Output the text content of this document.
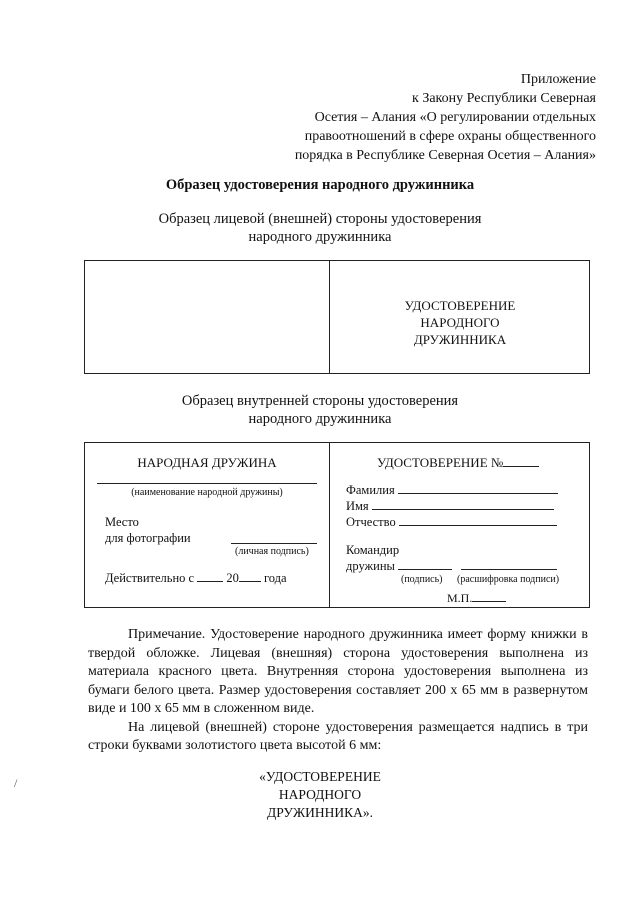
Приложение
к Закону Республики Северная
Осетия – Алания «О регулировании отдельных
правоотношений в сфере охраны общественного
порядка в Республике Северная Осетия – Алания»
Образец удостоверения народного дружинника
Образец лицевой (внешней) стороны удостоверения
народного дружинника
УДОСТОВЕРЕНИЕ
НАРОДНОГО
ДРУЖИННИКА
Образец внутренней стороны удостоверения
народного дружинника
НАРОДНАЯ ДРУЖИНА
(наименование народной дружины)
Место
для фотографии
(личная подпись)
Действительно с	20 года
УДОСТОВЕРЕНИЕ №
Фамилия
Имя
Отчество
Командир
дружины
(подпись) (расшифровка подписи)
М.П.

Примечание. Удостоверение народного дружинника имеет форму книжки в твердой обложке. Лицевая (внешняя) сторона удостоверения выполнена из материала красного цвета. Внутренняя сторона удостоверения выполнена из бумаги белого цвета. Размер удостоверения составляет 200 х 65 мм в развернутом виде и 100 х 65 мм в сложенном виде.

На лицевой (внешней) стороне удостоверения размещается надпись в три строки буквами золотистого цвета высотой 6 мм:

«УДОСТОВЕРЕНИЕ
НАРОДНОГО
ДРУЖИННИКА».
/
